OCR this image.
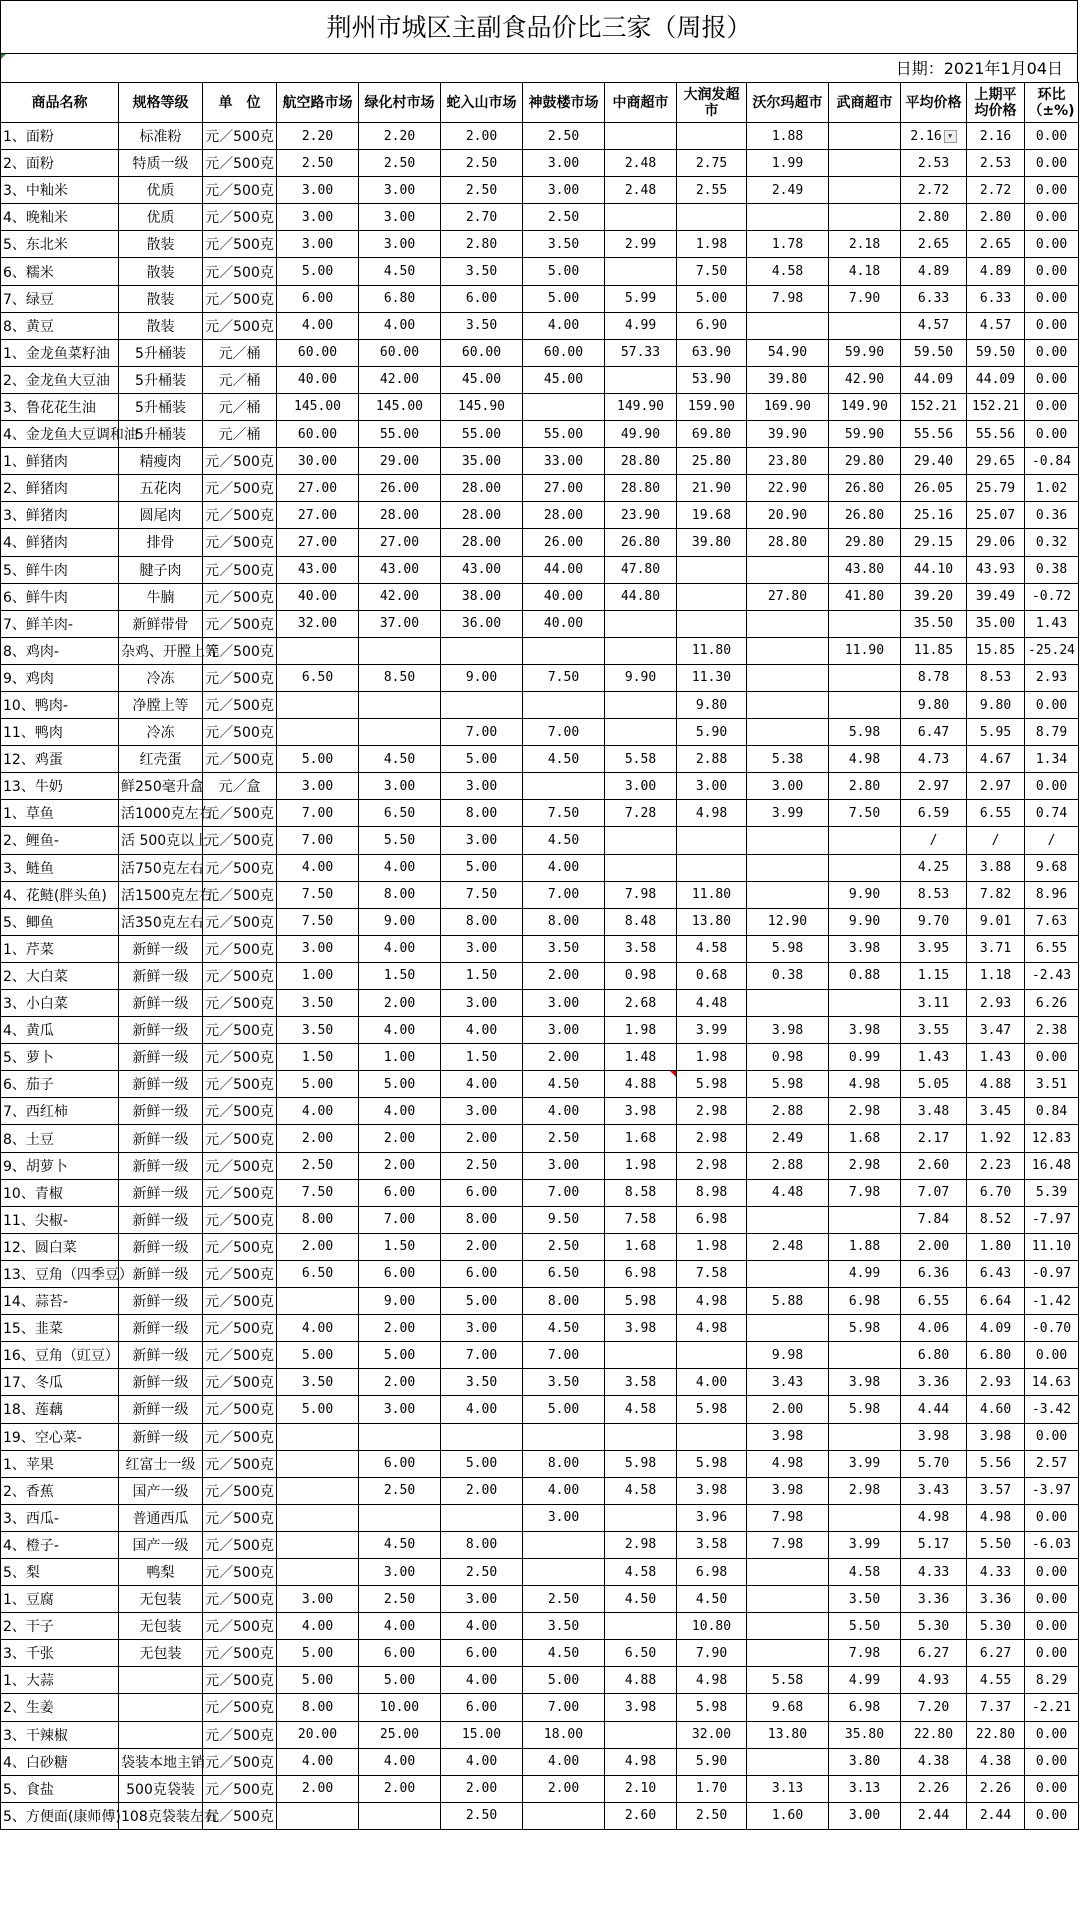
荆州市城区主副食品价比三家（周报）
日期：2021年1月04日
商品名称	规格等级	单　位	航空路市场	绿化村市场	蛇入山市场	神鼓楼市场	中商超市	大润发超市	沃尔玛超市	武商超市	平均价格	上期平均价格	环比（±%)
1、面粉	标准粉	元／500克	2.20	2.20	2.00	2.50			1.88		2.16 ▼	2.16	0.00
2、面粉	特质一级	元／500克	2.50	2.50	2.50	3.00	2.48	2.75	1.99		2.53	2.53	0.00
3、中籼米	优质	元／500克	3.00	3.00	2.50	3.00	2.48	2.55	2.49		2.72	2.72	0.00
4、晚籼米	优质	元／500克	3.00	3.00	2.70	2.50					2.80	2.80	0.00
5、东北米	散装	元／500克	3.00	3.00	2.80	3.50	2.99	1.98	1.78	2.18	2.65	2.65	0.00
6、糯米	散装	元／500克	5.00	4.50	3.50	5.00		7.50	4.58	4.18	4.89	4.89	0.00
7、绿豆	散装	元／500克	6.00	6.80	6.00	5.00	5.99	5.00	7.98	7.90	6.33	6.33	0.00
8、黄豆	散装	元／500克	4.00	4.00	3.50	4.00	4.99	6.90			4.57	4.57	0.00
1、金龙鱼菜籽油	5升桶装	元／桶	60.00	60.00	60.00	60.00	57.33	63.90	54.90	59.90	59.50	59.50	0.00
2、金龙鱼大豆油	5升桶装	元／桶	40.00	42.00	45.00	45.00		53.90	39.80	42.90	44.09	44.09	0.00
3、鲁花花生油	5升桶装	元／桶	145.00	145.00	145.90		149.90	159.90	169.90	149.90	152.21	152.21	0.00
4、金龙鱼大豆调和油	5升桶装	元／桶	60.00	55.00	55.00	55.00	49.90	69.80	39.90	59.90	55.56	55.56	0.00
1、鲜猪肉	精瘦肉	元／500克	30.00	29.00	35.00	33.00	28.80	25.80	23.80	29.80	29.40	29.65	-0.84
2、鲜猪肉	五花肉	元／500克	27.00	26.00	28.00	27.00	28.80	21.90	22.90	26.80	26.05	25.79	1.02
3、鲜猪肉	圆尾肉	元／500克	27.00	28.00	28.00	28.00	23.90	19.68	20.90	26.80	25.16	25.07	0.36
4、鲜猪肉	排骨	元／500克	27.00	27.00	28.00	26.00	26.80	39.80	28.80	29.80	29.15	29.06	0.32
5、鲜牛肉	腱子肉	元／500克	43.00	43.00	43.00	44.00	47.80			43.80	44.10	43.93	0.38
6、鲜牛肉	牛腩	元／500克	40.00	42.00	38.00	40.00	44.80		27.80	41.80	39.20	39.49	-0.72
7、鲜羊肉-	新鲜带骨	元／500克	32.00	37.00	36.00	40.00					35.50	35.00	1.43
8、鸡肉-	杂鸡、开膛上等	元／500克						11.80		11.90	11.85	15.85	-25.24
9、鸡肉	冷冻	元／500克	6.50	8.50	9.00	7.50	9.90	11.30			8.78	8.53	2.93
10、鸭肉-	净膛上等	元／500克						9.80			9.80	9.80	0.00
11、鸭肉	冷冻	元／500克			7.00	7.00		5.90		5.98	6.47	5.95	8.79
12、鸡蛋	红壳蛋	元／500克	5.00	4.50	5.00	4.50	5.58	2.88	5.38	4.98	4.73	4.67	1.34
13、牛奶	鲜250毫升盒	元／盒	3.00	3.00	3.00		3.00	3.00	3.00	2.80	2.97	2.97	0.00
1、草鱼	活1000克左右	元／500克	7.00	6.50	8.00	7.50	7.28	4.98	3.99	7.50	6.59	6.55	0.74
2、鲤鱼-	活 500克以上	元／500克	7.00	5.50	3.00	4.50					/	/	/
3、鲢鱼	活750克左右	元／500克	4.00	4.00	5.00	4.00					4.25	3.88	9.68
4、花鲢(胖头鱼)	活1500克左右	元／500克	7.50	8.00	7.50	7.00	7.98	11.80		9.90	8.53	7.82	8.96
5、鲫鱼	活350克左右	元／500克	7.50	9.00	8.00	8.00	8.48	13.80	12.90	9.90	9.70	9.01	7.63
1、芹菜	新鲜一级	元／500克	3.00	4.00	3.00	3.50	3.58	4.58	5.98	3.98	3.95	3.71	6.55
2、大白菜	新鲜一级	元／500克	1.00	1.50	1.50	2.00	0.98	0.68	0.38	0.88	1.15	1.18	-2.43
3、小白菜	新鲜一级	元／500克	3.50	2.00	3.00	3.00	2.68	4.48			3.11	2.93	6.26
4、黄瓜	新鲜一级	元／500克	3.50	4.00	4.00	3.00	1.98	3.99	3.98	3.98	3.55	3.47	2.38
5、萝卜	新鲜一级	元／500克	1.50	1.00	1.50	2.00	1.48	1.98	0.98	0.99	1.43	1.43	0.00
6、茄子	新鲜一级	元／500克	5.00	5.00	4.00	4.50	4.88	5.98	5.98	4.98	5.05	4.88	3.51
7、西红柿	新鲜一级	元／500克	4.00	4.00	3.00	4.00	3.98	2.98	2.88	2.98	3.48	3.45	0.84
8、土豆	新鲜一级	元／500克	2.00	2.00	2.00	2.50	1.68	2.98	2.49	1.68	2.17	1.92	12.83
9、胡萝卜	新鲜一级	元／500克	2.50	2.00	2.50	3.00	1.98	2.98	2.88	2.98	2.60	2.23	16.48
10、青椒	新鲜一级	元／500克	7.50	6.00	6.00	7.00	8.58	8.98	4.48	7.98	7.07	6.70	5.39
11、尖椒-	新鲜一级	元／500克	8.00	7.00	8.00	9.50	7.58	6.98			7.84	8.52	-7.97
12、圆白菜	新鲜一级	元／500克	2.00	1.50	2.00	2.50	1.68	1.98	2.48	1.88	2.00	1.80	11.10
13、豆角（四季豆）	新鲜一级	元／500克	6.50	6.00	6.00	6.50	6.98	7.58		4.99	6.36	6.43	-0.97
14、蒜苔-	新鲜一级	元／500克		9.00	5.00	8.00	5.98	4.98	5.88	6.98	6.55	6.64	-1.42
15、韭菜	新鲜一级	元／500克	4.00	2.00	3.00	4.50	3.98	4.98		5.98	4.06	4.09	-0.70
16、豆角（豇豆）	新鲜一级	元／500克	5.00	5.00	7.00	7.00			9.98		6.80	6.80	0.00
17、冬瓜	新鲜一级	元／500克	3.50	2.00	3.50	3.50	3.58	4.00	3.43	3.98	3.36	2.93	14.63
18、莲藕	新鲜一级	元／500克	5.00	3.00	4.00	5.00	4.58	5.98	2.00	5.98	4.44	4.60	-3.42
19、空心菜-	新鲜一级	元／500克							3.98		3.98	3.98	0.00
1、苹果	红富士一级	元／500克		6.00	5.00	8.00	5.98	5.98	4.98	3.99	5.70	5.56	2.57
2、香蕉	国产一级	元／500克		2.50	2.00	4.00	4.58	3.98	3.98	2.98	3.43	3.57	-3.97
3、西瓜-	普通西瓜	元／500克				3.00		3.96	7.98		4.98	4.98	0.00
4、橙子-	国产一级	元／500克		4.50	8.00		2.98	3.58	7.98	3.99	5.17	5.50	-6.03
5、梨	鸭梨	元／500克		3.00	2.50		4.58	6.98		4.58	4.33	4.33	0.00
1、豆腐	无包装	元／500克	3.00	2.50	3.00	2.50	4.50	4.50		3.50	3.36	3.36	0.00
2、干子	无包装	元／500克	4.00	4.00	4.00	3.50		10.80		5.50	5.30	5.30	0.00
3、千张	无包装	元／500克	5.00	6.00	6.00	4.50	6.50	7.90		7.98	6.27	6.27	0.00
1、大蒜		元／500克	5.00	5.00	4.00	5.00	4.88	4.98	5.58	4.99	4.93	4.55	8.29
2、生姜		元／500克	8.00	10.00	6.00	7.00	3.98	5.98	9.68	6.98	7.20	7.37	-2.21
3、干辣椒		元／500克	20.00	25.00	15.00	18.00		32.00	13.80	35.80	22.80	22.80	0.00
4、白砂糖	袋装本地主销	元／500克	4.00	4.00	4.00	4.00	4.98	5.90		3.80	4.38	4.38	0.00
5、食盐	500克袋装	元／500克	2.00	2.00	2.00	2.00	2.10	1.70	3.13	3.13	2.26	2.26	0.00
5、方便面(康师傅)	108克袋装左右	元／500克			2.50		2.60	2.50	1.60	3.00	2.44	2.44	0.00
